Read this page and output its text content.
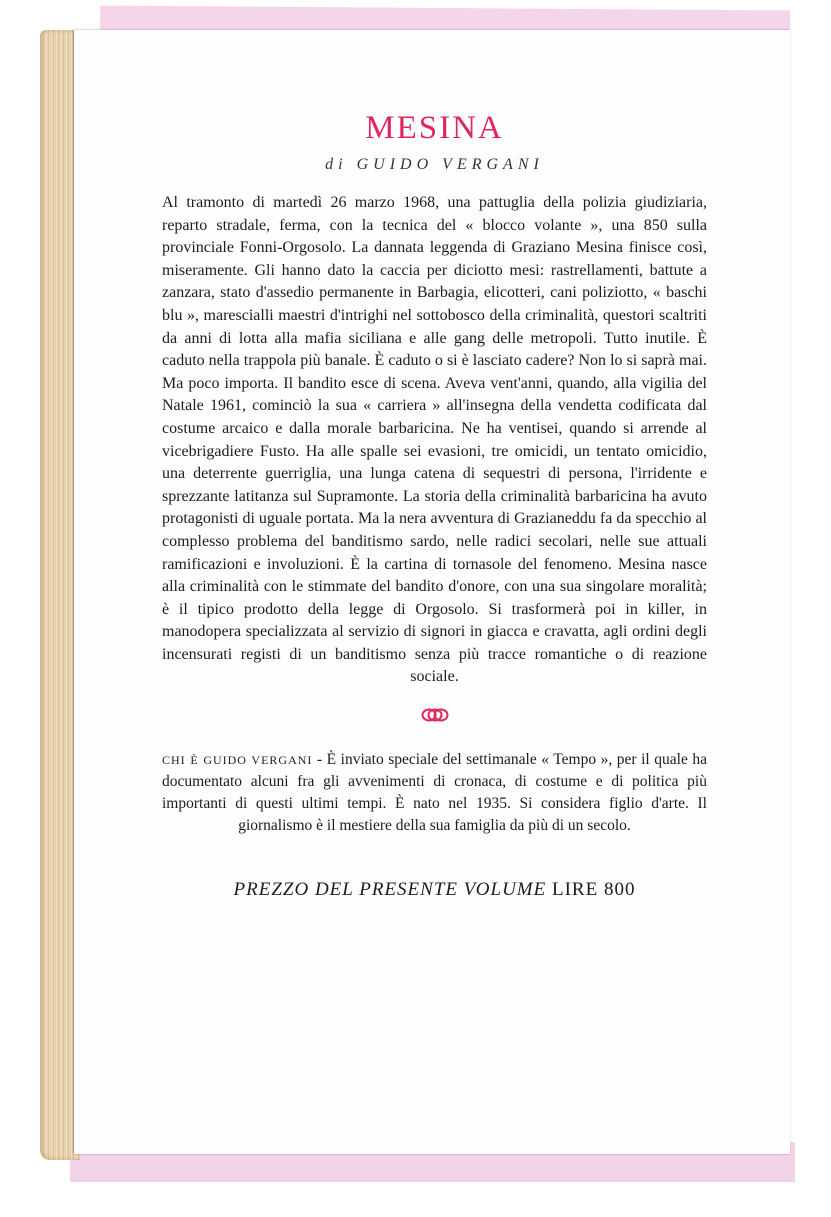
MESINA
di GUIDO VERGANI

Al tramonto di martedì 26 marzo 1968, una pattuglia della polizia giudiziaria, reparto stradale, ferma, con la tecnica del « blocco volante », una 850 sulla provinciale Fonni-Orgosolo. La dannata leggenda di Graziano Mesina finisce così, miseramente. Gli hanno dato la caccia per diciotto mesi: rastrellamenti, battute a zanzara, stato d'assedio permanente in Barbagia, elicotteri, cani poliziotto, « baschi blu », marescialli maestri d'intrighi nel sottobosco della criminalità, questori scaltriti da anni di lotta alla mafia siciliana e alle gang delle metropoli. Tutto inutile. È caduto nella trappola più banale. È caduto o si è lasciato cadere? Non lo si saprà mai. Ma poco importa. Il bandito esce di scena. Aveva vent'anni, quando, alla vigilia del Natale 1961, cominciò la sua « carriera » all'insegna della vendetta codificata dal costume arcaico e dalla morale barbaricina. Ne ha ventisei, quando si arrende al vicebrigadiere Fusto. Ha alle spalle sei evasioni, tre omicidi, un tentato omicidio, una deterrente guerriglia, una lunga catena di sequestri di persona, l'irridente e sprezzante latitanza sul Supramonte. La storia della criminalità barbaricina ha avuto protagonisti di uguale portata. Ma la nera avventura di Grazianeddu fa da specchio al complesso problema del banditismo sardo, nelle radici secolari, nelle sue attuali ramificazioni e involuzioni. È la cartina di tornasole del fenomeno. Mesina nasce alla criminalità con le stimmate del bandito d'onore, con una sua singolare moralità; è il tipico prodotto della legge di Orgosolo. Si trasformerà poi in killer, in manodopera specializzata al servizio di signori in giacca e cravatta, agli ordini degli incensurati registi di un banditismo senza più tracce romantiche o di reazione sociale.

CHI È GUIDO VERGANI - È inviato speciale del settimanale « Tempo », per il quale ha documentato alcuni fra gli avvenimenti di cronaca, di costume e di politica più importanti di questi ultimi tempi. È nato nel 1935. Si considera figlio d'arte. Il giornalismo è il mestiere della sua famiglia da più di un secolo.

PREZZO DEL PRESENTE VOLUME LIRE 800
